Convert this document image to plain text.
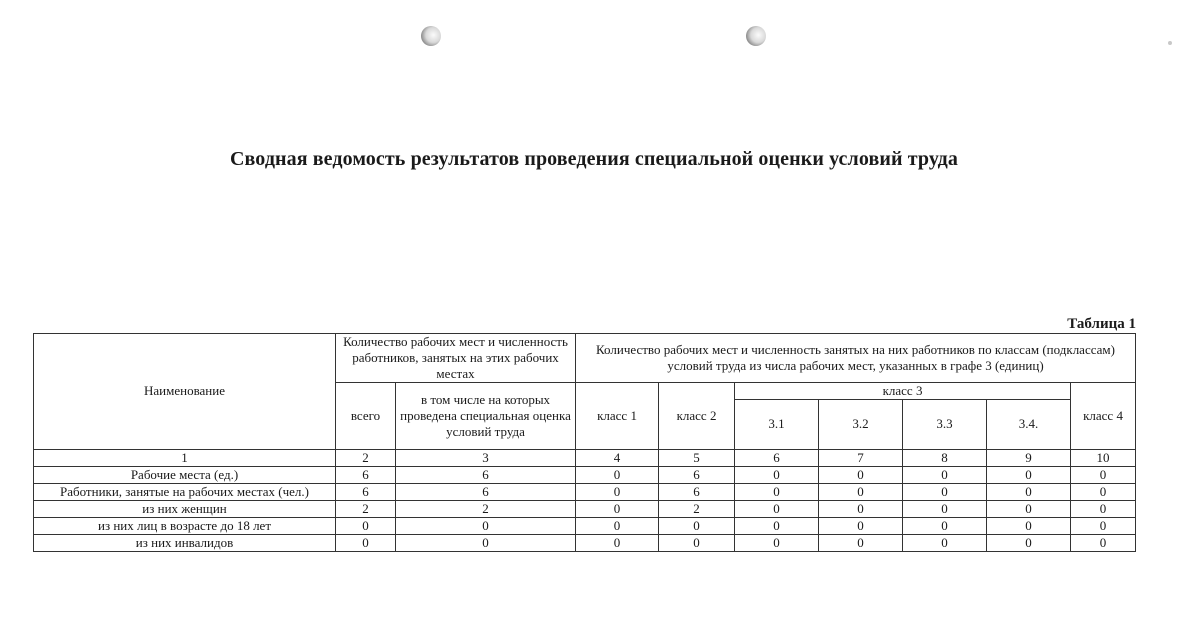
Сводная ведомость результатов проведения специальной оценки условий труда
Таблица 1
Наименование	Количество рабочих мест и численность работников, занятых на этих рабочих местах		Количество рабочих мест и численность занятых на них работников по классам (подклассам) условий труда из числа рабочих мест, указанных в графе 3 (единиц)						
	всего	в том числе на которых проведена специальная оценка условий труда	класс 1	класс 2	класс 3				класс 4
					3.1	3.2	3.3	3.4.	
1	2	3	4	5	6	7	8	9	10
Рабочие места (ед.)	6	6	0	6	0	0	0	0	0
Работники, занятые на рабочих местах (чел.)	6	6	0	6	0	0	0	0	0
из них женщин	2	2	0	2	0	0	0	0	0
из них лиц в возрасте до 18 лет	0	0	0	0	0	0	0	0	0
из них инвалидов	0	0	0	0	0	0	0	0	0
